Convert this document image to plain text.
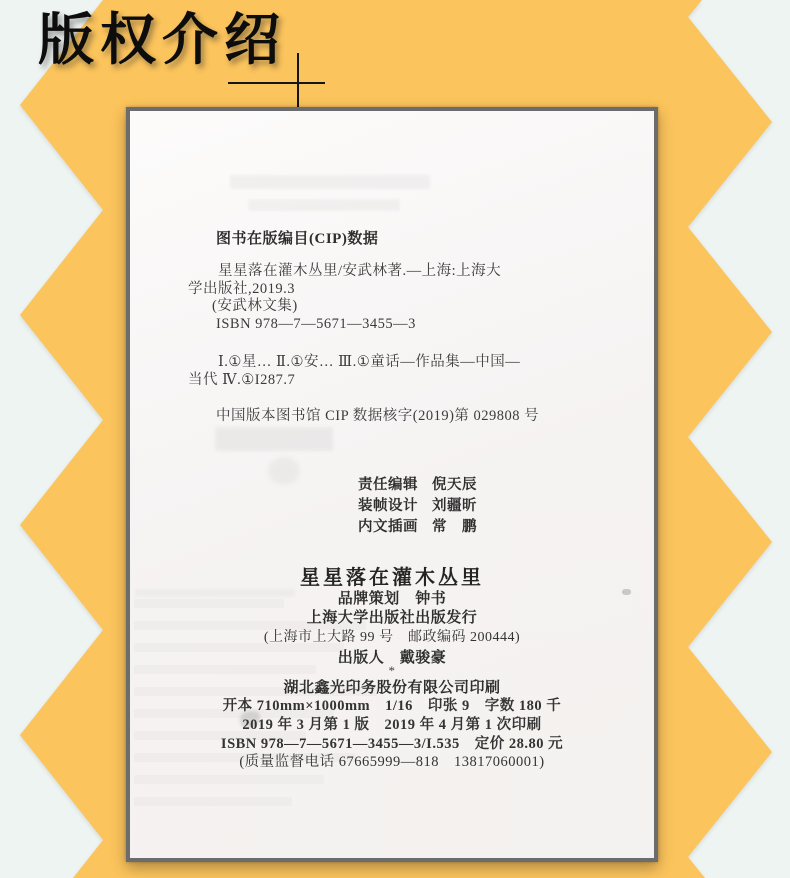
版权介绍
图书在版编目(CIP)数据
星星落在灌木丛里/安武林著.—上海:上海大
学出版社,2019.3
(安武林文集)
ISBN 978—7—5671—3455—3
Ⅰ.①星… Ⅱ.①安… Ⅲ.①童话—作品集—中国—
当代 Ⅳ.①I287.7
中国版本图书馆 CIP 数据核字(2019)第 029808 号
责任编辑 倪天辰
装帧设计 刘疆昕
内文插画 常　鹏
星星落在灌木丛里
品牌策划　钟书
上海大学出版社出版发行
(上海市上大路 99 号　邮政编码 200444)
出版人　戴骏豪
*
湖北鑫光印务股份有限公司印刷
开本 710mm×1000mm　1/16　印张 9　字数 180 千
2019 年 3 月第 1 版　2019 年 4 月第 1 次印刷
ISBN 978—7—5671—3455—3/I.535　定价 28.80 元
(质量监督电话 67665999—818　13817060001)
